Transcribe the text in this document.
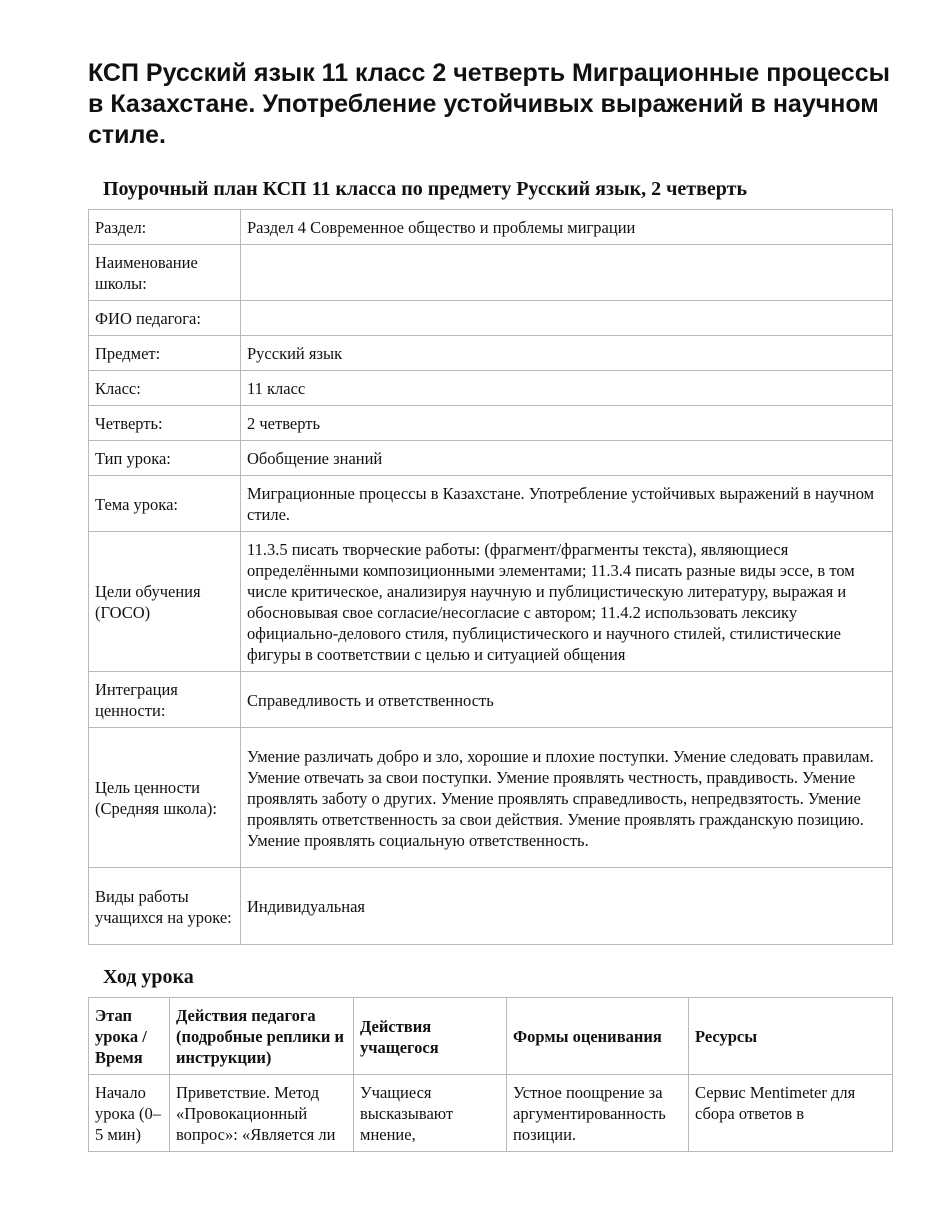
КСП Русский язык 11 класс 2 четверть Миграционные процессы в Казахстане. Употребление устойчивых выражений в научном стиле.
Поурочный план КСП 11 класса по предмету Русский язык, 2 четверть
Раздел:	Раздел 4 Современное общество и проблемы миграции
Наименование школы:	
ФИО педагога:	
Предмет:	Русский язык
Класс:	11 класс
Четверть:	2 четверть
Тип урока:	Обобщение знаний
Тема урока:	Миграционные процессы в Казахстане. Употребление устойчивых выражений в научном стиле.
Цели обучения (ГОСО)	11.3.5 писать творческие работы: (фрагмент/фрагменты текста), являющиеся определёнными композиционными элементами; 11.3.4 писать разные виды эссе, в том числе критическое, анализируя научную и публицистическую литературу, выражая и обосновывая свое согласие/несогласие с автором; 11.4.2 использовать лексику официально-делового стиля, публицистического и научного стилей, стилистические фигуры в соответствии с целью и ситуацией общения
Интеграция ценности:	Справедливость и ответственность
Цель ценности (Средняя школа):	Умение различать добро и зло, хорошие и плохие поступки. Умение следовать правилам. Умение отвечать за свои поступки. Умение проявлять честность, правдивость. Умение проявлять заботу о других. Умение проявлять справедливость, непредвзятость. Умение проявлять ответственность за свои действия. Умение проявлять гражданскую позицию. Умение проявлять социальную ответственность.
Виды работы учащихся на уроке:	Индивидуальная
Ход урока
Этап урока / Время	Действия педагога (подробные реплики и инструкции)	Действия учащегося	Формы оценивания	Ресурсы
Начало урока (0–5 мин)	Приветствие. Метод «Провокационный вопрос»: «Является ли	Учащиеся высказывают мнение,	Устное поощрение за аргументированность позиции.	Сервис Mentimeter для сбора ответов в
